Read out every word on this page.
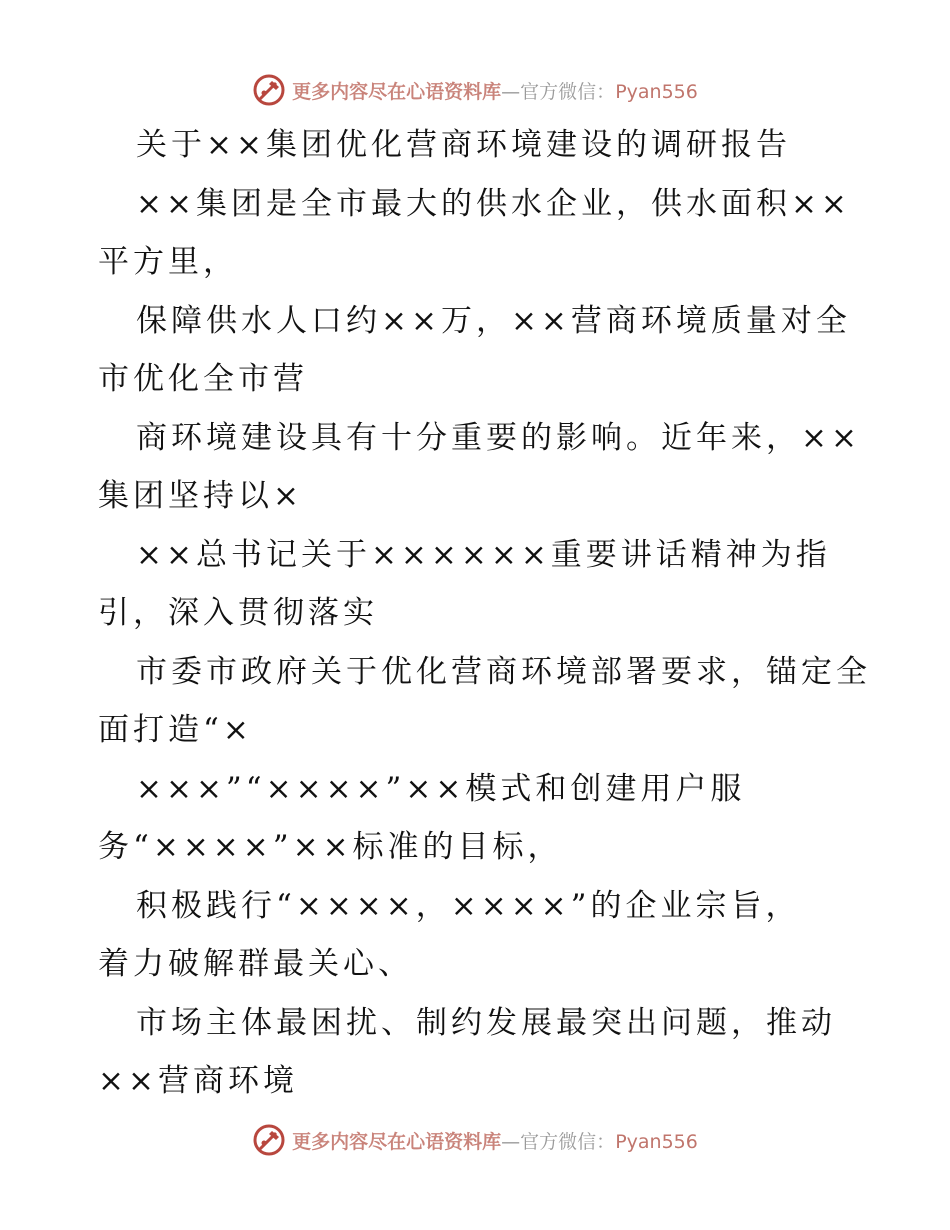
更多内容尽在心语资料库—官方微信：Pyan556
关于××集团优化营商环境建设的调研报告
××集团是全市最大的供水企业，供水面积××
平方里，
保障供水人口约××万，××营商环境质量对全
市优化全市营
商环境建设具有十分重要的影响。近年来，××
集团坚持以×
××总书记关于××××××重要讲话精神为指
引，深入贯彻落实
市委市政府关于优化营商环境部署要求，锚定全
面打造“×
×××”“××××”××模式和创建用户服
务“××××”××标准的目标，
积极践行“××××，××××”的企业宗旨，
着力破解群最关心、
市场主体最困扰、制约发展最突出问题，推动
××营商环境
更多内容尽在心语资料库—官方微信：Pyan556
